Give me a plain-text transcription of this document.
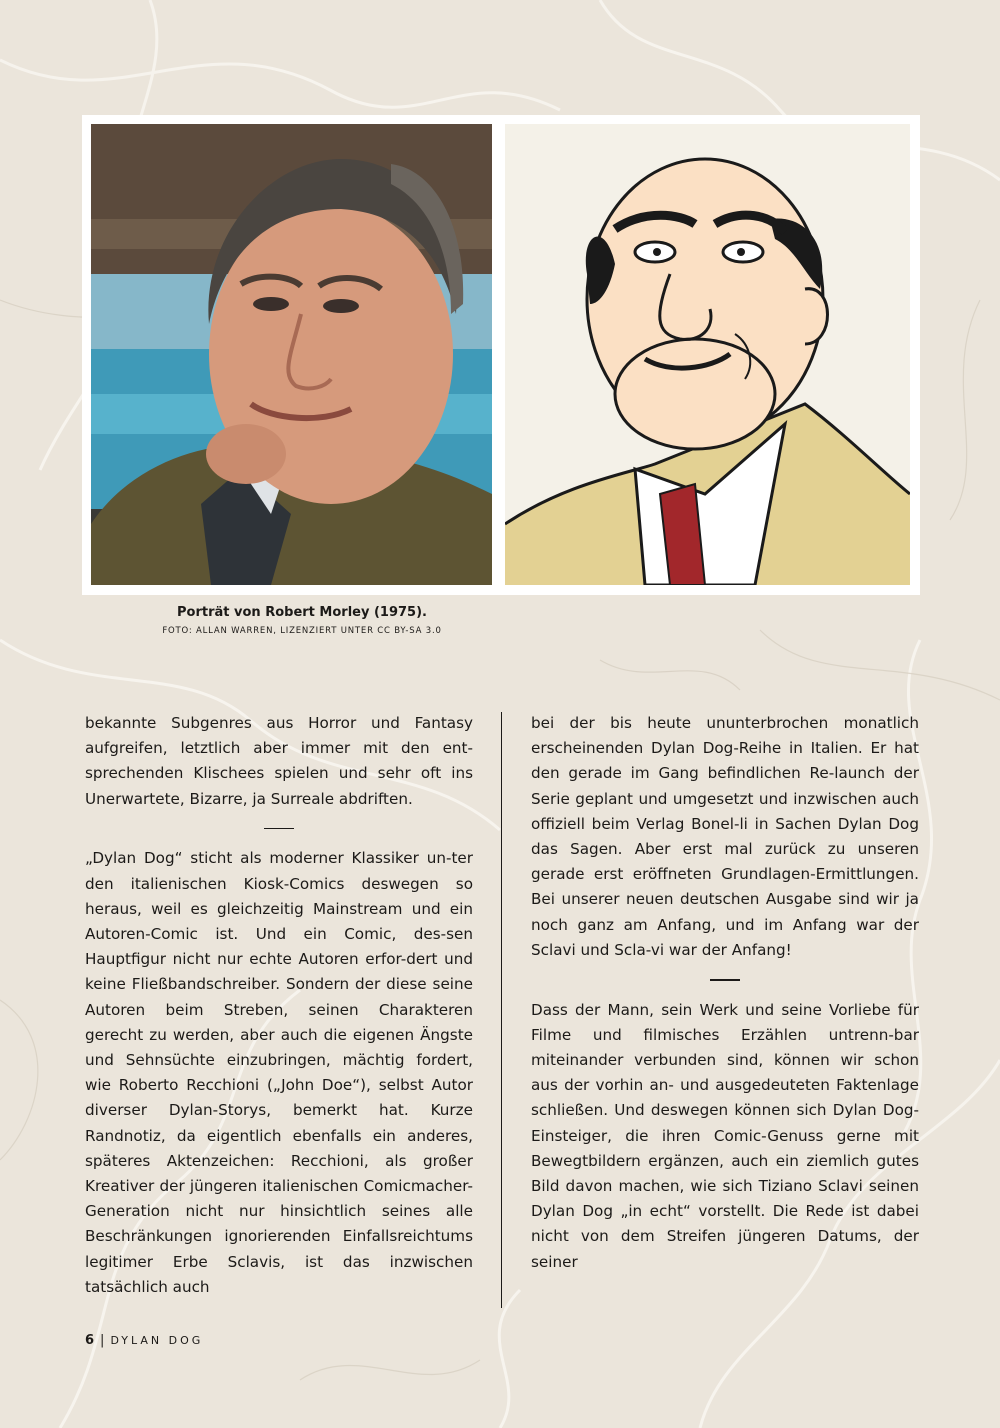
Porträt von Robert Morley (1975).

FOTO: ALLAN WARREN, LIZENZIERT UNTER CC BY-SA 3.0

bekannte Subgenres aus Horror und Fantasy aufgreifen, letztlich aber immer mit den ent-sprechenden Klischees spielen und sehr oft ins Unerwartete, Bizarre, ja Surreale abdriften.

„Dylan Dog“ sticht als moderner Klassiker un-ter den italienischen Kiosk-Comics deswegen so heraus, weil es gleichzeitig Mainstream und ein Autoren-Comic ist. Und ein Comic, des-sen Hauptfigur nicht nur echte Autoren erfor-dert und keine Fließbandschreiber. Sondern der diese seine Autoren beim Streben, seinen Charakteren gerecht zu werden, aber auch die eigenen Ängste und Sehnsüchte einzubringen, mächtig fordert, wie Roberto Recchioni („John Doe“), selbst Autor diverser Dylan-Storys, bemerkt hat. Kurze Randnotiz, da eigentlich ebenfalls ein anderes, späteres Aktenzeichen: Recchioni, als großer Kreativer der jüngeren italienischen Comicmacher-Generation nicht nur hinsichtlich seines alle Beschränkungen ignorierenden Einfallsreichtums legitimer Erbe Sclavis, ist das inzwischen tatsächlich auch

bei der bis heute ununterbrochen monatlich erscheinenden Dylan Dog-Reihe in Italien. Er hat den gerade im Gang befindlichen Re-launch der Serie geplant und umgesetzt und inzwischen auch offiziell beim Verlag Bonel-li in Sachen Dylan Dog das Sagen. Aber erst mal zurück zu unseren gerade erst eröffneten Grundlagen-Ermittlungen. Bei unserer neuen deutschen Ausgabe sind wir ja noch ganz am Anfang, und im Anfang war der Sclavi und Scla-vi war der Anfang!

Dass der Mann, sein Werk und seine Vorliebe für Filme und filmisches Erzählen untrenn-bar miteinander verbunden sind, können wir schon aus der vorhin an- und ausgedeuteten Faktenlage schließen. Und deswegen können sich Dylan Dog-Einsteiger, die ihren Comic-Genuss gerne mit Bewegtbildern ergänzen, auch ein ziemlich gutes Bild davon machen, wie sich Tiziano Sclavi seinen Dylan Dog „in echt“ vorstellt. Die Rede ist dabei nicht von dem Streifen jüngeren Datums, der seiner

6 | DYLAN DOG
